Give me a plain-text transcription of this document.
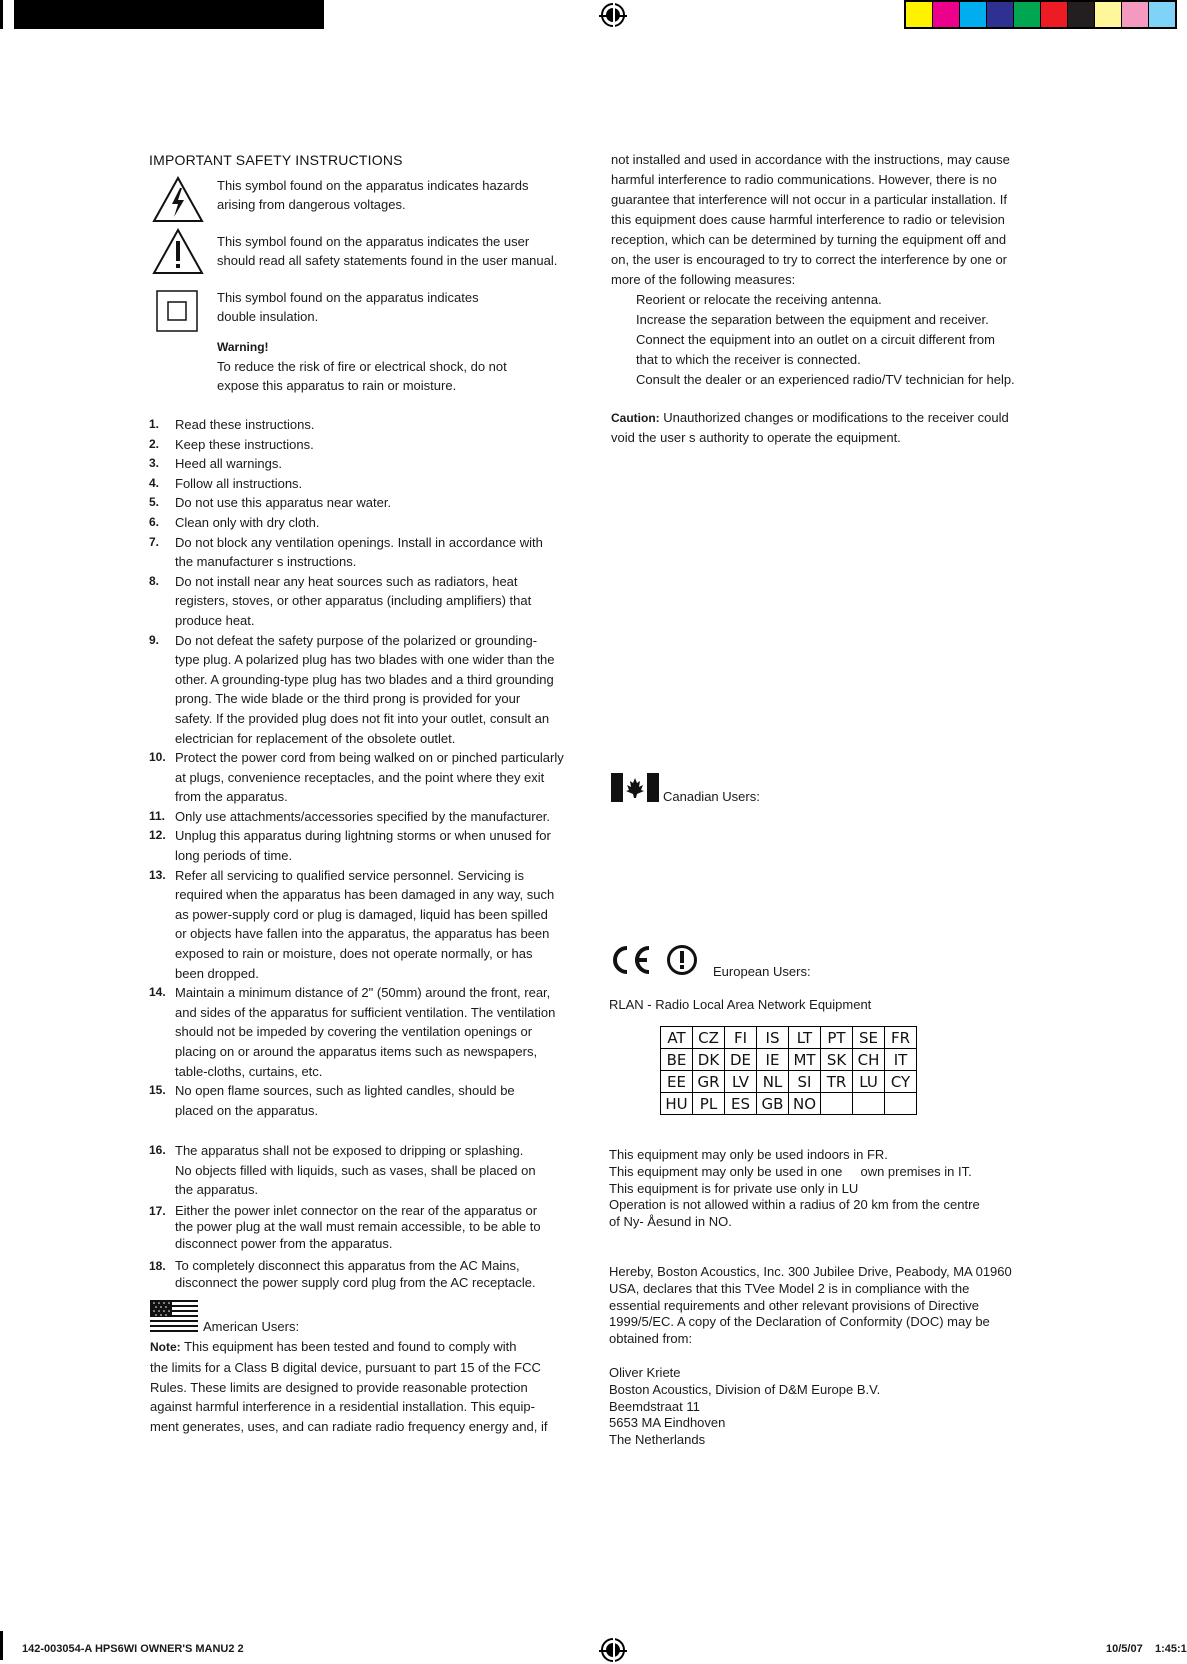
IMPORTANT SAFETY INSTRUCTIONS
This symbol found on the apparatus indicates hazards
arising from dangerous voltages.
This symbol found on the apparatus indicates the user
should read all safety statements found in the user manual.
This symbol found on the apparatus indicates
double insulation.
Warning!
To reduce the risk of fire or electrical shock, do not
expose this apparatus to rain or moisture.
1. Read these instructions.
2. Keep these instructions.
3. Heed all warnings.
4. Follow all instructions.
5. Do not use this apparatus near water.
6. Clean only with dry cloth.
7. Do not block any ventilation openings. Install in accordance with
the manufacturer s instructions.
8. Do not install near any heat sources such as radiators, heat
registers, stoves, or other apparatus (including amplifiers) that
produce heat.
9. Do not defeat the safety purpose of the polarized or grounding-
type plug. A polarized plug has two blades with one wider than the
other. A grounding-type plug has two blades and a third grounding
prong. The wide blade or the third prong is provided for your
safety. If the provided plug does not fit into your outlet, consult an
electrician for replacement of the obsolete outlet.
10. Protect the power cord from being walked on or pinched particularly
at plugs, convenience receptacles, and the point where they exit
from the apparatus.
11. Only use attachments/accessories specified by the manufacturer.
12. Unplug this apparatus during lightning storms or when unused for
long periods of time.
13. Refer all servicing to qualified service personnel. Servicing is
required when the apparatus has been damaged in any way, such
as power-supply cord or plug is damaged, liquid has been spilled
or objects have fallen into the apparatus, the apparatus has been
exposed to rain or moisture, does not operate normally, or has
been dropped.
14. Maintain a minimum distance of 2" (50mm) around the front, rear,
and sides of the apparatus for sufficient ventilation. The ventilation
should not be impeded by covering the ventilation openings or
placing on or around the apparatus items such as newspapers,
table-cloths, curtains, etc.
15. No open flame sources, such as lighted candles, should be
placed on the apparatus.
16. The apparatus shall not be exposed to dripping or splashing.
No objects filled with liquids, such as vases, shall be placed on
the apparatus.
17. Either the power inlet connector on the rear of the apparatus or
the power plug at the wall must remain accessible, to be able to
disconnect power from the apparatus.
18. To completely disconnect this apparatus from the AC Mains,
disconnect the power supply cord plug from the AC receptacle.
American Users:
Note: This equipment has been tested and found to comply with
the limits for a Class B digital device, pursuant to part 15 of the FCC
Rules. These limits are designed to provide reasonable protection
against harmful interference in a residential installation. This equip-
ment generates, uses, and can radiate radio frequency energy and, if
not installed and used in accordance with the instructions, may cause
harmful interference to radio communications. However, there is no
guarantee that interference will not occur in a particular installation. If
this equipment does cause harmful interference to radio or television
reception, which can be determined by turning the equipment off and
on, the user is encouraged to try to correct the interference by one or
more of the following measures:
Reorient or relocate the receiving antenna.
Increase the separation between the equipment and receiver.
Connect the equipment into an outlet on a circuit different from
that to which the receiver is connected.
Consult the dealer or an experienced radio/TV technician for help.
Caution: Unauthorized changes or modifications to the receiver could
void the user s authority to operate the equipment.
Canadian Users:
European Users:
RLAN - Radio Local Area Network Equipment
AT	CZ	FI	IS	LT	PT	SE	FR
BE	DK	DE	IE	MT	SK	CH	IT
EE	GR	LV	NL	SI	TR	LU	CY
HU	PL	ES	GB	NO			
This equipment may only be used indoors in FR.
This equipment may only be used in one     own premises in IT.
This equipment is for private use only in LU
Operation is not allowed within a radius of 20 km from the centre
of Ny- Åesund in NO.
Hereby, Boston Acoustics, Inc. 300 Jubilee Drive, Peabody, MA 01960
USA, declares that this TVee Model 2 is in compliance with the
essential requirements and other relevant provisions of Directive
1999/5/EC. A copy of the Declaration of Conformity (DOC) may be
obtained from:
Oliver Kriete
Boston Acoustics, Division of D&M Europe B.V.
Beemdstraat 11
5653 MA Eindhoven
The Netherlands
142-003054-A HPS6WI OWNER'S MANU2 2	10/5/07 1:45:1
